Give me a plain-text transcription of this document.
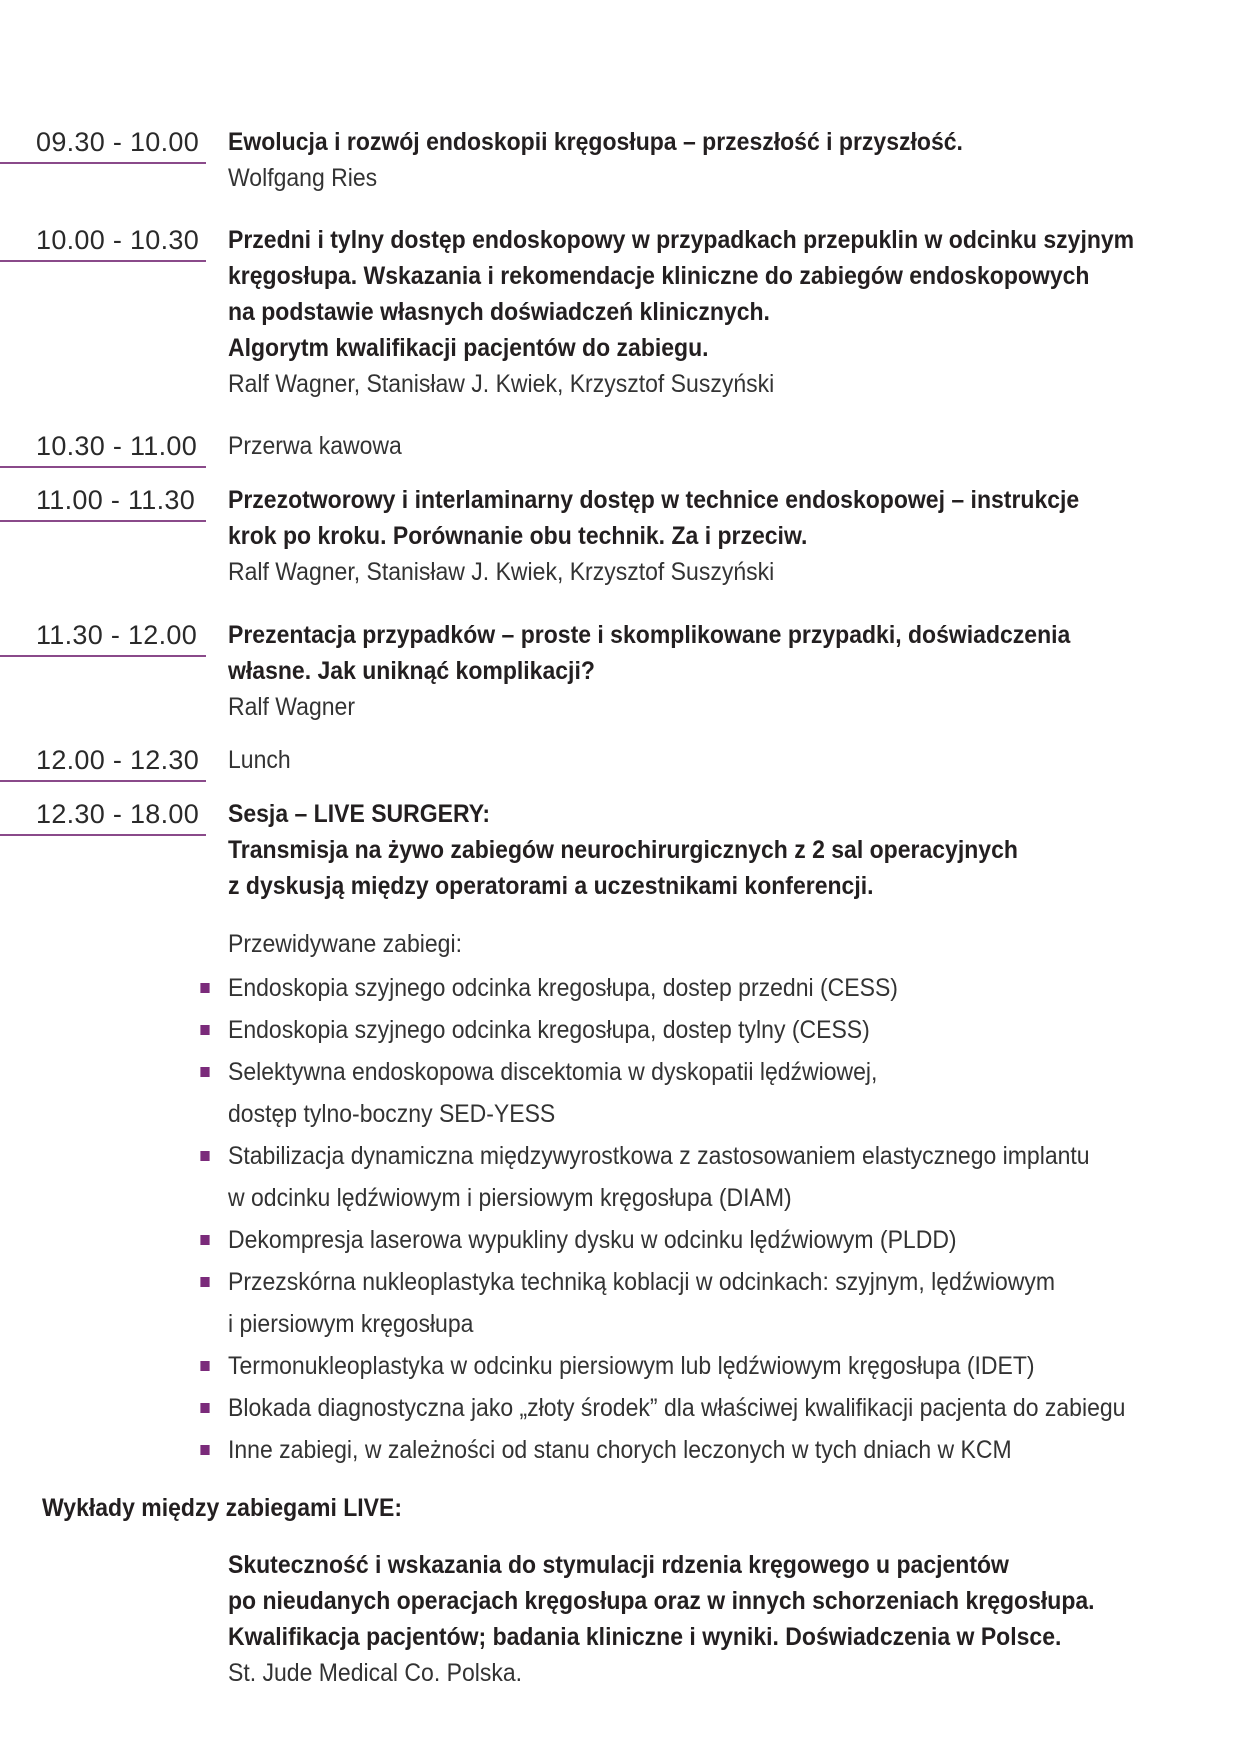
09.30 - 10.00	Ewolucja i rozwój endoskopii kręgosłupa – przeszłość i przyszłość.

Wolfgang Ries

10.00 - 10.30	Przedni i tylny dostęp endoskopowy w przypadkach przepuklin w odcinku szyjnym

kręgosłupa. Wskazania i rekomendacje kliniczne do zabiegów endoskopowych

na podstawie własnych doświadczeń klinicznych.

Algorytm kwalifikacji pacjentów do zabiegu.

Ralf Wagner, Stanisław J. Kwiek, Krzysztof Suszyński

10.30 - 11.00	Przerwa kawowa
11.00 - 11.30	Przezotworowy i interlaminarny dostęp w technice endoskopowej – instrukcje

krok po kroku. Porównanie obu technik. Za i przeciw.

Ralf Wagner, Stanisław J. Kwiek, Krzysztof Suszyński

11.30 - 12.00	Prezentacja przypadków – proste i skomplikowane przypadki, doświadczenia

własne. Jak uniknąć komplikacji?

Ralf Wagner

12.00 - 12.30	Lunch
12.30 - 18.00	Sesja – LIVE SURGERY:

Transmisja na żywo zabiegów neurochirurgicznych z 2 sal operacyjnych

z dyskusją między operatorami a uczestnikami konferencji.

Przewidywane zabiegi:
Endoskopia szyjnego odcinka kregosłupa, dostep przedni (CESS)
Endoskopia szyjnego odcinka kregosłupa, dostep tylny (CESS)
Selektywna endoskopowa discektomia w dyskopatii lędźwiowej,
dostęp tylno-boczny SED-YESS
Stabilizacja dynamiczna międzywyrostkowa z zastosowaniem elastycznego implantu
w odcinku lędźwiowym i piersiowym kręgosłupa (DIAM)
Dekompresja laserowa wypukliny dysku w odcinku lędźwiowym (PLDD)
Przezskórna nukleoplastyka techniką koblacji w odcinkach: szyjnym, lędźwiowym
i piersiowym kręgosłupa
Termonukleoplastyka w odcinku piersiowym lub lędźwiowym kręgosłupa (IDET)
Blokada diagnostyczna jako „złoty środek” dla właściwej kwalifikacji pacjenta do zabiegu
Inne zabiegi, w zależności od stanu chorych leczonych w tych dniach w KCM
Wykłady między zabiegami LIVE:

Skuteczność i wskazania do stymulacji rdzenia kręgowego u pacjentów

po nieudanych operacjach kręgosłupa oraz w innych schorzeniach kręgosłupa.

Kwalifikacja pacjentów; badania kliniczne i wyniki. Doświadczenia w Polsce.

St. Jude Medical Co. Polska.
